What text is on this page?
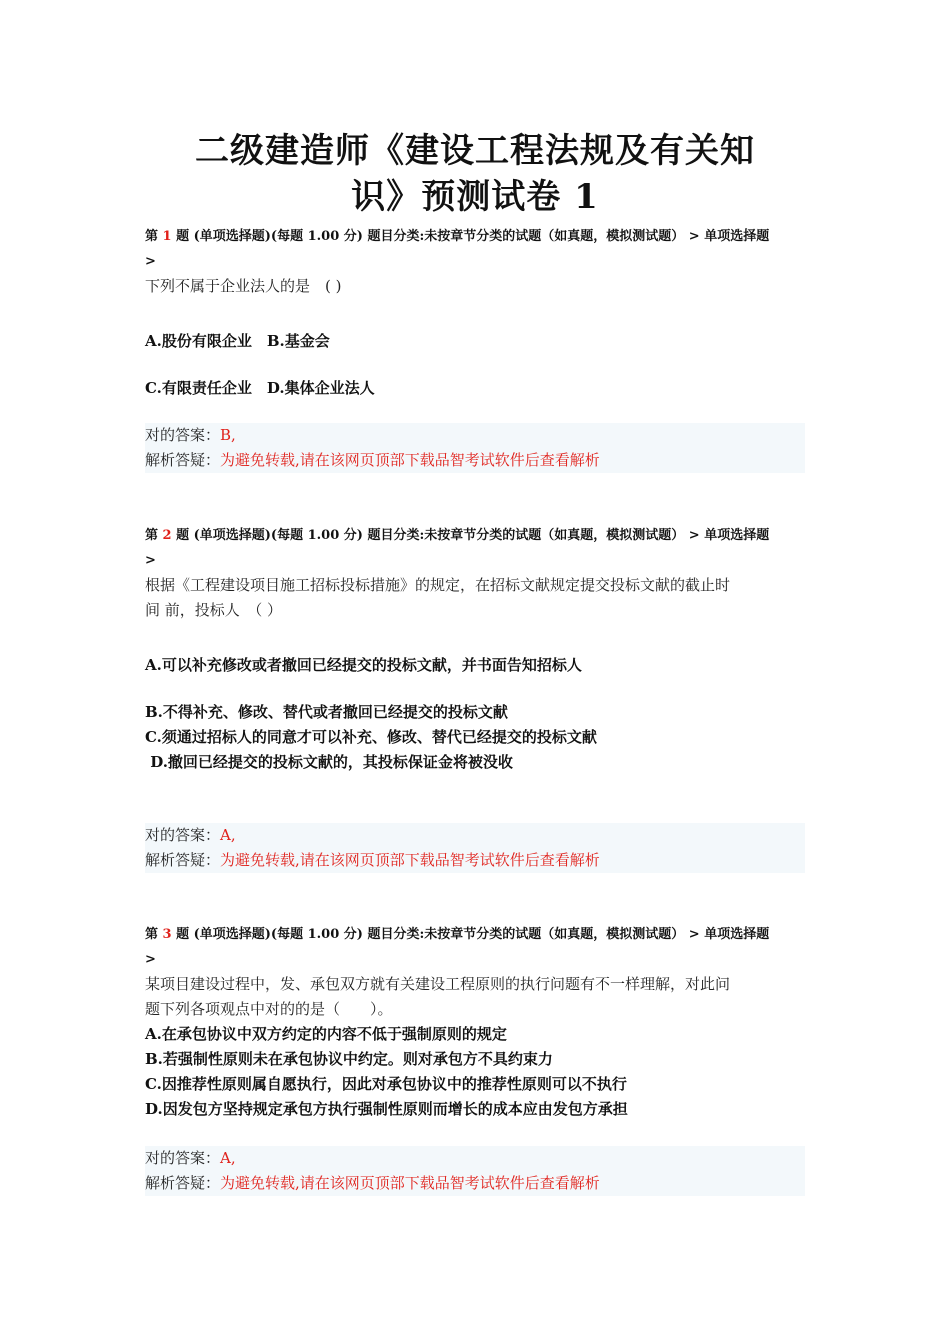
二级建造师《建设工程法规及有关知
识》预测试卷 1

第 1 题 (单项选择题)(每题 1.00 分) 题目分类:未按章节分类的试题（如真题，模拟测试题） > 单项选择题
>

下列不属于企业法人的是　( )

A.股份有限企业　B.基金会

C.有限责任企业　D.集体企业法人

对的答案：B,
解析答疑：为避免转载,请在该网页顶部下载品智考试软件后查看解析

第 2 题 (单项选择题)(每题 1.00 分) 题目分类:未按章节分类的试题（如真题，模拟测试题） > 单项选择题
>

根据《工程建设项目施工招标投标措施》的规定，在招标文献规定提交投标文献的截止时

间 前，投标人　（ ）

A.可以补充修改或者撤回已经提交的投标文献，并书面告知招标人

B.不得补充、修改、替代或者撤回已经提交的投标文献

C.须通过招标人的同意才可以补充、修改、替代已经提交的投标文献

D.撤回已经提交的投标文献的，其投标保证金将被没收

对的答案：A,
解析答疑：为避免转载,请在该网页顶部下载品智考试软件后查看解析

第 3 题 (单项选择题)(每题 1.00 分) 题目分类:未按章节分类的试题（如真题，模拟测试题） > 单项选择题
>

某项目建设过程中，发、承包双方就有关建设工程原则的执行问题有不一样理解，对此问

题下列各项观点中对的的是（　　）。

A.在承包协议中双方约定的内容不低于强制原则的规定

B.若强制性原则未在承包协议中约定。则对承包方不具约束力

C.因推荐性原则属自愿执行，因此对承包协议中的推荐性原则可以不执行

D.因发包方坚持规定承包方执行强制性原则而增长的成本应由发包方承担

对的答案：A,
解析答疑：为避免转载,请在该网页顶部下载品智考试软件后查看解析
